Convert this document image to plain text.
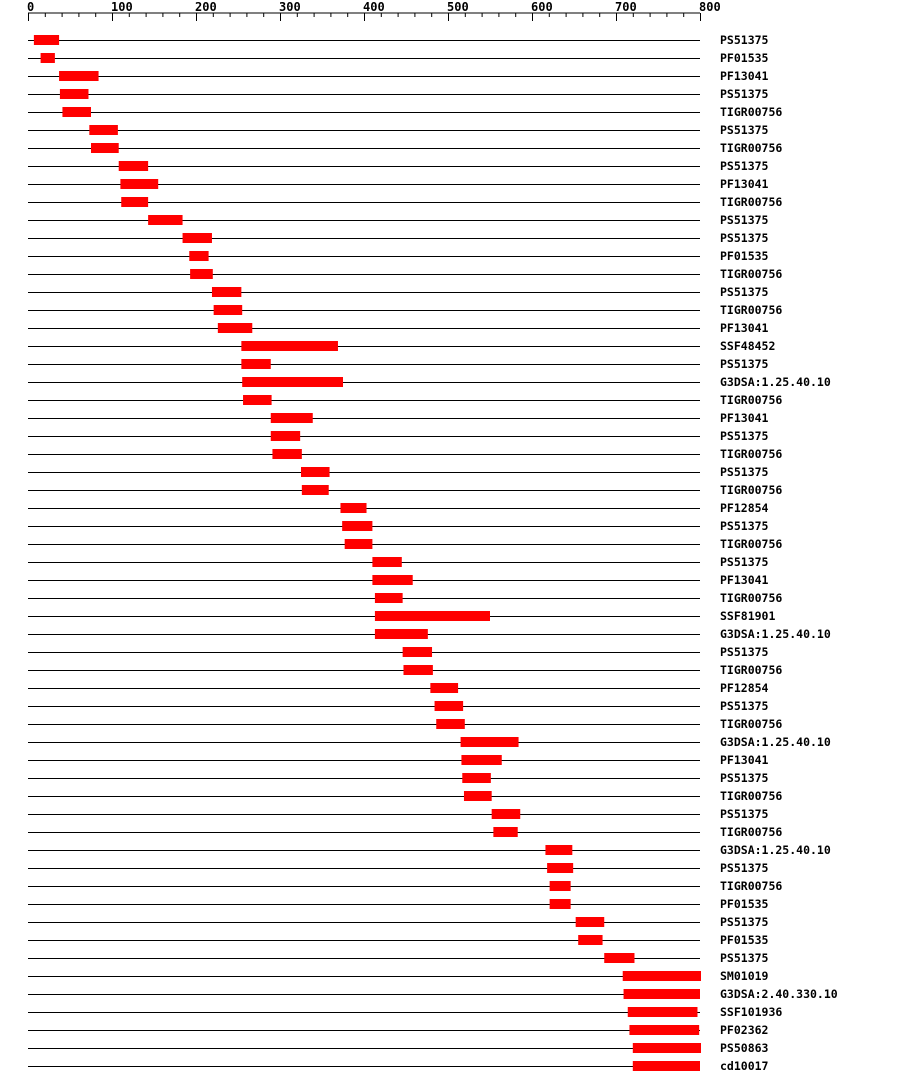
0	100	200	300	400	500	600	700	800
PS51375
PF01535
PF13041
PS51375
TIGR00756
PS51375
TIGR00756
PS51375
PF13041
TIGR00756
PS51375
PS51375
PF01535
TIGR00756
PS51375
TIGR00756
PF13041
SSF48452
PS51375
G3DSA:1.25.40.10
TIGR00756
PF13041
PS51375
TIGR00756
PS51375
TIGR00756
PF12854
PS51375
TIGR00756
PS51375
PF13041
TIGR00756
SSF81901
G3DSA:1.25.40.10
PS51375
TIGR00756
PF12854
PS51375
TIGR00756
G3DSA:1.25.40.10
PF13041
PS51375
TIGR00756
PS51375
TIGR00756
G3DSA:1.25.40.10
PS51375
TIGR00756
PF01535
PS51375
PF01535
PS51375
SM01019
G3DSA:2.40.330.10
SSF101936
PF02362
PS50863
cd10017
